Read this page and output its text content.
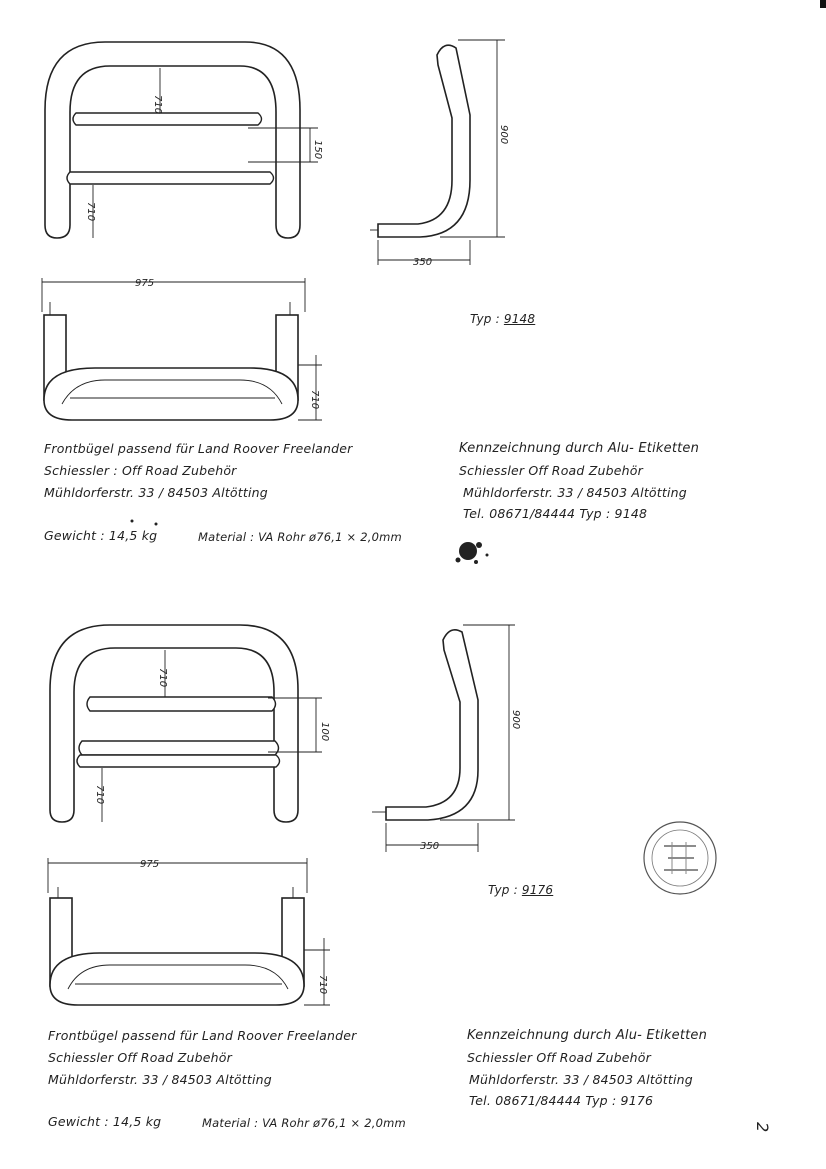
710
150
710
900
350
975
710
710
100
710
900
350
975
710
Typ : 9148
Frontbügel passend für Land Roover Freelander
Schiessler : Off Road Zubehör
Mühldorferstr. 33 / 84503 Altötting
Gewicht : 14,5 kg	Material : VA Rohr ø76,1 × 2,0mm
Kennzeichnung durch Alu- Etiketten
Schiessler Off Road Zubehör
Mühldorferstr. 33 / 84503 Altötting
Tel. 08671/84444 Typ : 9148
Typ : 9176
Frontbügel passend für Land Roover Freelander
Schiessler Off Road Zubehör
Mühldorferstr. 33 / 84503 Altötting
Gewicht : 14,5 kg	Material : VA Rohr ø76,1 × 2,0mm
Kennzeichnung durch Alu- Etiketten
Schiessler Off Road Zubehör
Mühldorferstr. 33 / 84503 Altötting
Tel. 08671/84444 Typ : 9176
2
